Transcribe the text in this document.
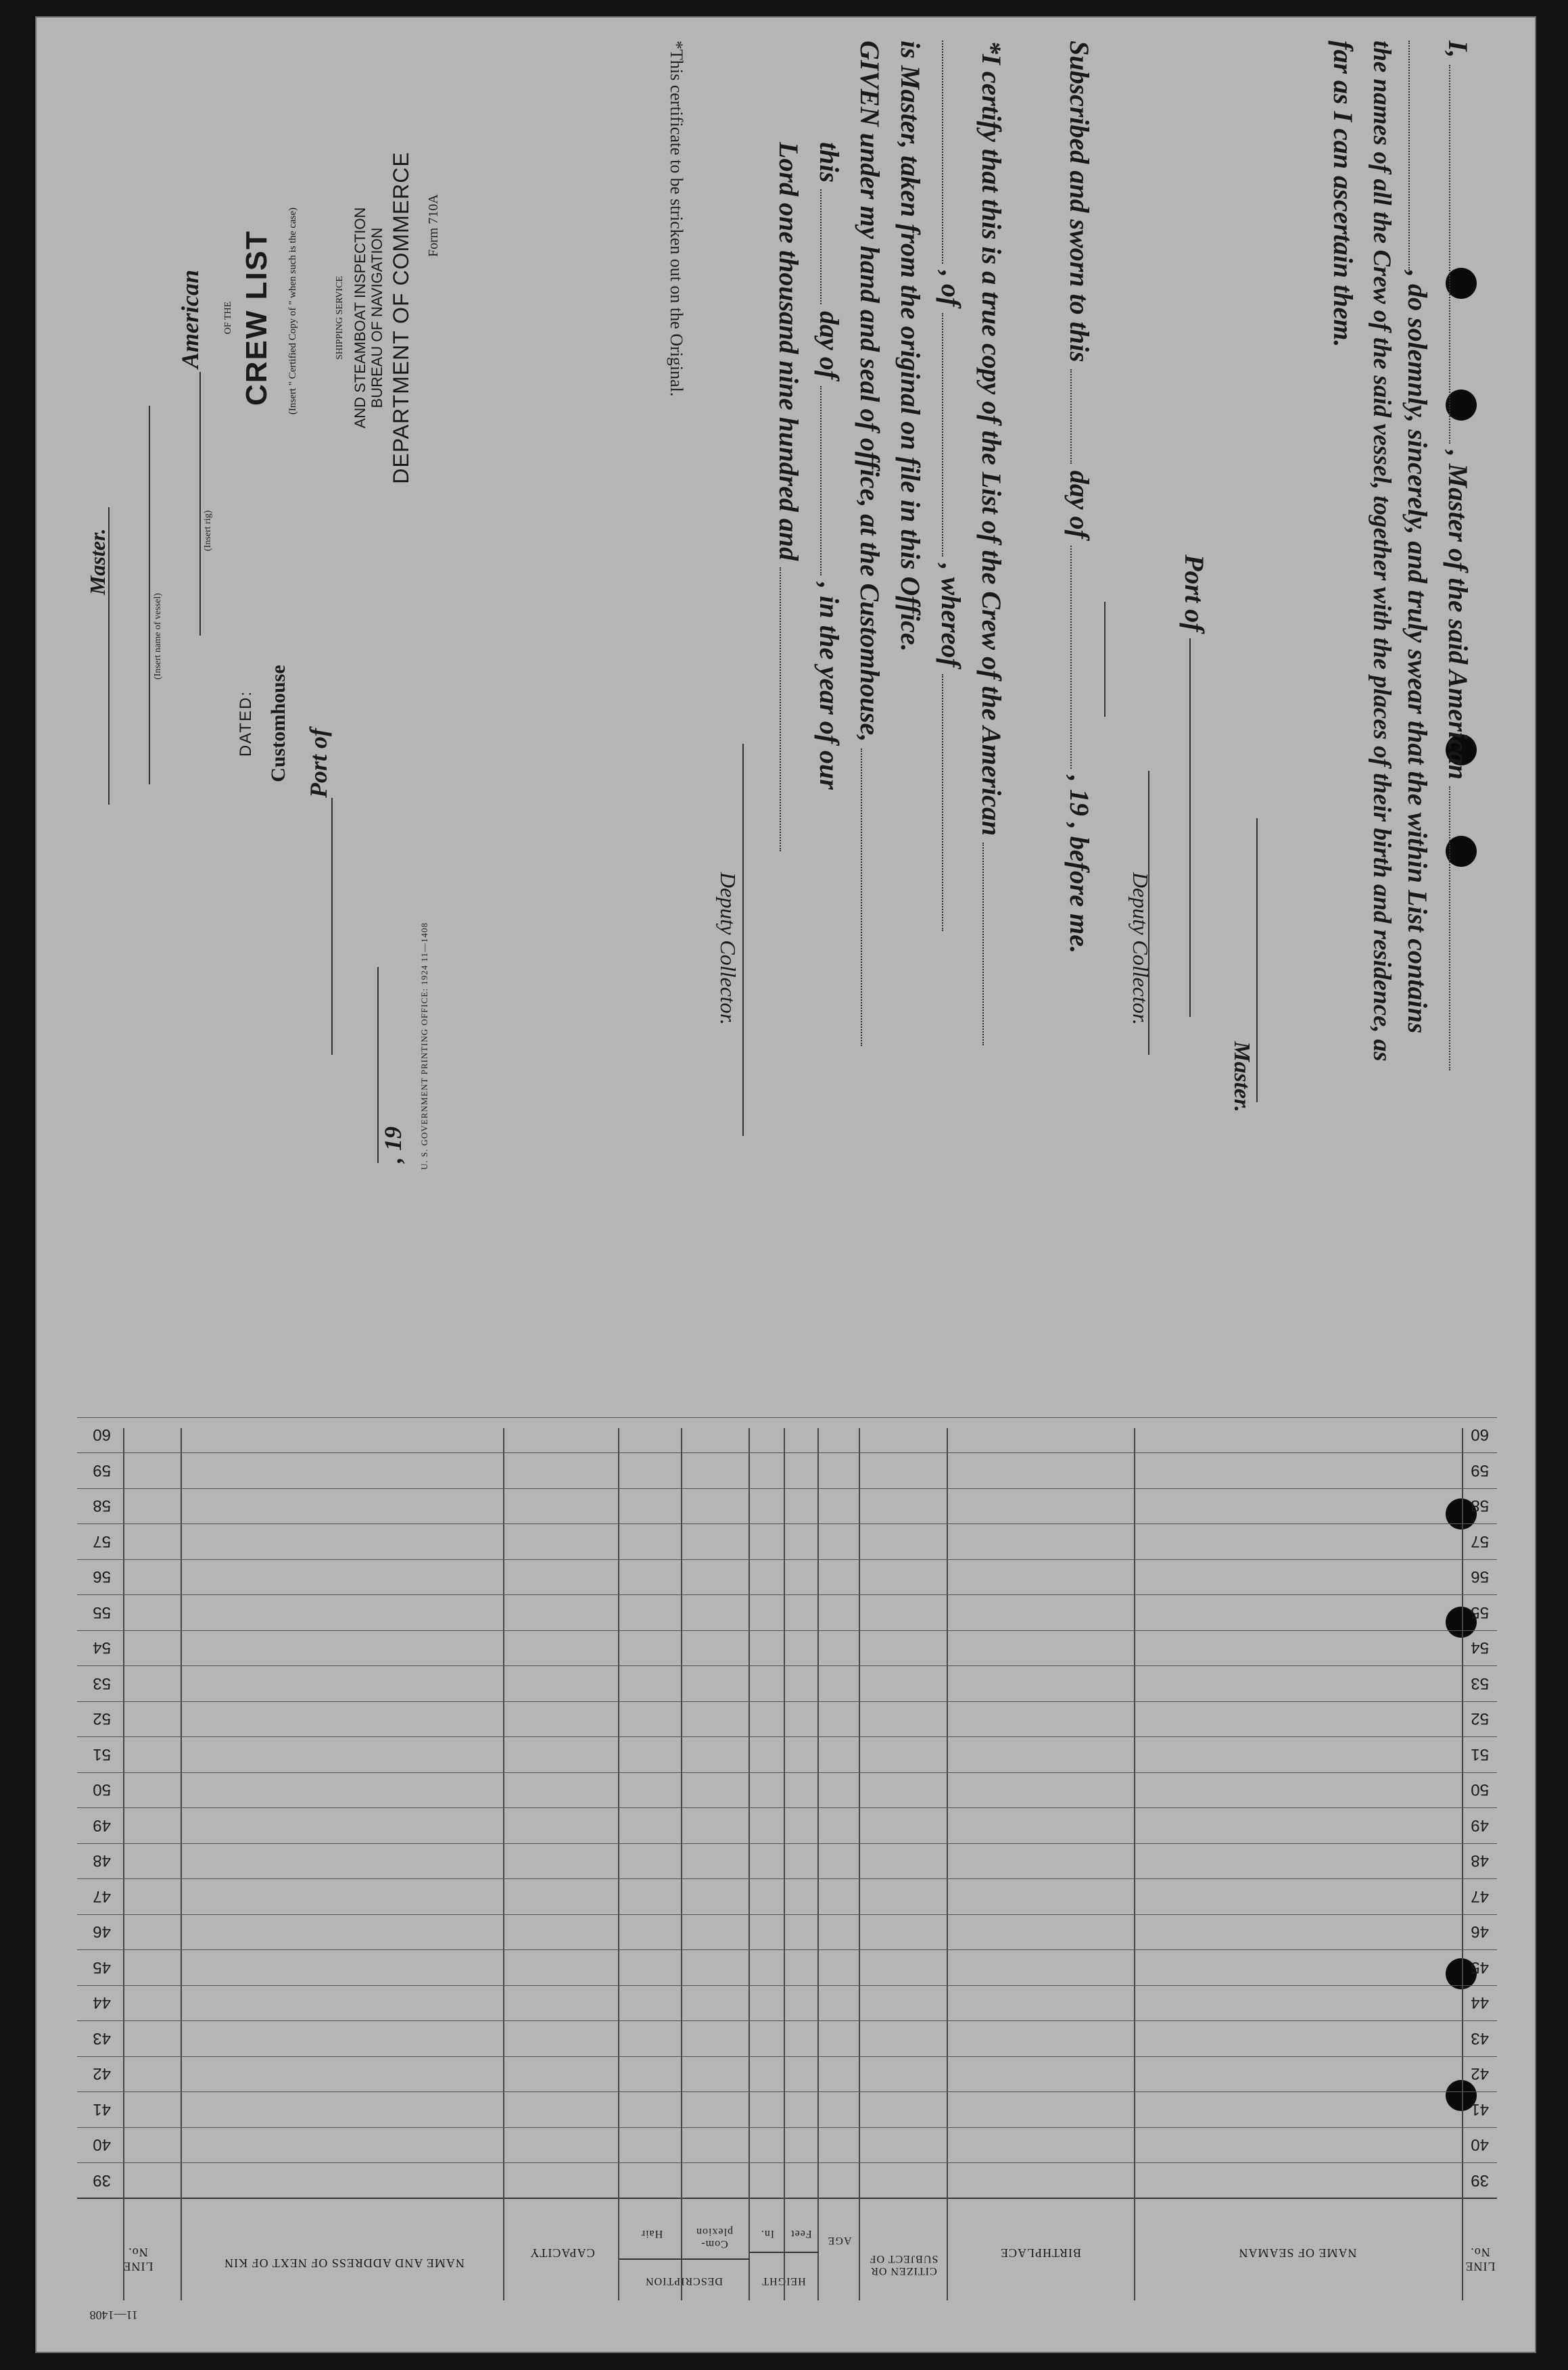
11—1408
LINE No.
NAME OF SEAMAN
BIRTHPLACE
CITIZEN OR SUBJECT OF
AGE
HEIGHT
Feet
In.
DESCRIPTION
Com- plexion
Hair
CAPACITY
NAME AND ADDRESS OF NEXT OF KIN
LINE No.
39
39
40
40
41
41
42
42
43
43
44
44
45
45
46
46
47
47
48
48
49
49
50
50
51
51
52
52
53
53
54
54
55
55
56
56
57
57
58
58
59
59
60
60
I,  , Master of the said American
, do solemnly, sincerely, and truly swear that the within List contains
the names of all the Crew of the said vessel, together with the places of their birth and residence, as
far as I can ascertain them.
Master.
Port of
Deputy Collector.
Subscribed and sworn to this  day of  , 19 , before me.
*I certify that this is a true copy of the List of the Crew of the American
, of  , whereof
is Master, taken from the original on file in this Office.
GIVEN under my hand and seal of office, at the Customhouse,
this  day of  , in the year of our
Lord one thousand nine hundred and
Deputy Collector.
*This certificate to be stricken out on the Original.
Form 710A
DEPARTMENT OF COMMERCE
BUREAU OF NAVIGATION
AND STEAMBOAT INSPECTION
SHIPPING SERVICE
(Insert " Certified Copy of " when such is the case)
CREW LIST
OF THE
American
(Insert rig)
(Insert name of vessel)
Master.
DATED: Customhouse Port of
, 19 U. S. GOVERNMENT PRINTING OFFICE: 1924 11—1408
